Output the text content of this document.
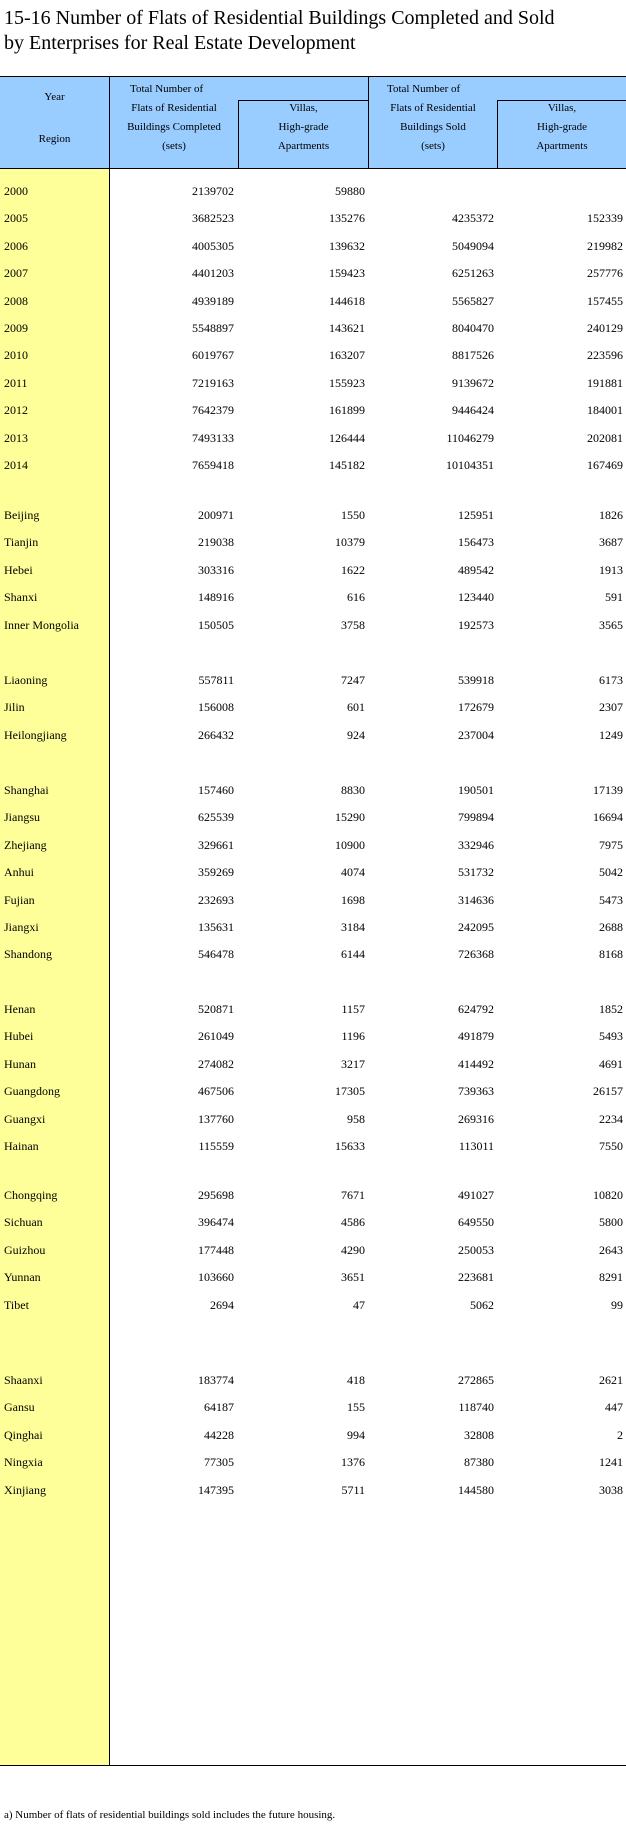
15-16 Number of Flats of Residential Buildings Completed and Sold
by Enterprises for Real Estate Development
Year
Region
Total Number of
Flats of Residential
Buildings Completed
(sets)
Villas,
High-grade
Apartments
Total Number of
Flats of Residential
Buildings Sold
(sets)
Villas,
High-grade
Apartments
2000	2139702	59880
2005	3682523	135276	4235372	152339
2006	4005305	139632	5049094	219982
2007	4401203	159423	6251263	257776
2008	4939189	144618	5565827	157455
2009	5548897	143621	8040470	240129
2010	6019767	163207	8817526	223596
2011	7219163	155923	9139672	191881
2012	7642379	161899	9446424	184001
2013	7493133	126444	11046279	202081
2014	7659418	145182	10104351	167469
Beijing	200971	1550	125951	1826
Tianjin	219038	10379	156473	3687
Hebei	303316	1622	489542	1913
Shanxi	148916	616	123440	591
Inner Mongolia	150505	3758	192573	3565
Liaoning	557811	7247	539918	6173
Jilin	156008	601	172679	2307
Heilongjiang	266432	924	237004	1249
Shanghai	157460	8830	190501	17139
Jiangsu	625539	15290	799894	16694
Zhejiang	329661	10900	332946	7975
Anhui	359269	4074	531732	5042
Fujian	232693	1698	314636	5473
Jiangxi	135631	3184	242095	2688
Shandong	546478	6144	726368	8168
Henan	520871	1157	624792	1852
Hubei	261049	1196	491879	5493
Hunan	274082	3217	414492	4691
Guangdong	467506	17305	739363	26157
Guangxi	137760	958	269316	2234
Hainan	115559	15633	113011	7550
Chongqing	295698	7671	491027	10820
Sichuan	396474	4586	649550	5800
Guizhou	177448	4290	250053	2643
Yunnan	103660	3651	223681	8291
Tibet	2694	47	5062	99
Shaanxi	183774	418	272865	2621
Gansu	64187	155	118740	447
Qinghai	44228	994	32808	2
Ningxia	77305	1376	87380	1241
Xinjiang	147395	5711	144580	3038
a) Number of flats of residential buildings sold includes the future housing.
